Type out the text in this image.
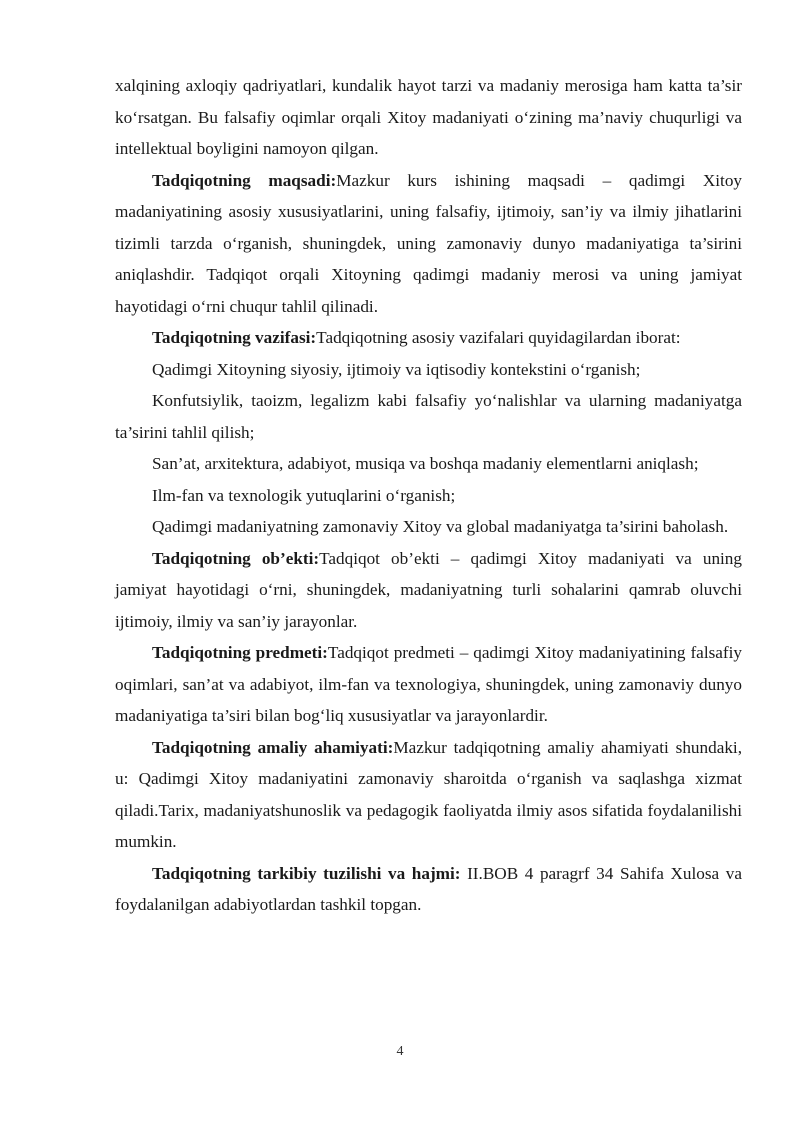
xalqining axloqiy qadriyatlari, kundalik hayot tarzi va madaniy merosiga ham katta ta’sir ko‘rsatgan. Bu falsafiy oqimlar orqali Xitoy madaniyati o‘zining ma’naviy chuqurligi va intellektual boyligini namoyon qilgan.

Tadqiqotning maqsadi:Mazkur kurs ishining maqsadi – qadimgi Xitoy madaniyatining asosiy xususiyatlarini, uning falsafiy, ijtimoiy, san’iy va ilmiy jihatlarini tizimli tarzda o‘rganish, shuningdek, uning zamonaviy dunyo madaniyatiga ta’sirini aniqlashdir. Tadqiqot orqali Xitoyning qadimgi madaniy merosi va uning jamiyat hayotidagi o‘rni chuqur tahlil qilinadi.

Tadqiqotning vazifasi:Tadqiqotning asosiy vazifalari quyidagilardan iborat:

Qadimgi Xitoyning siyosiy, ijtimoiy va iqtisodiy kontekstini o‘rganish;

Konfutsiylik, taoizm, legalizm kabi falsafiy yo‘nalishlar va ularning madaniyatga ta’sirini tahlil qilish;

San’at, arxitektura, adabiyot, musiqa va boshqa madaniy elementlarni aniqlash;

Ilm-fan va texnologik yutuqlarini o‘rganish;

Qadimgi madaniyatning zamonaviy Xitoy va global madaniyatga ta’sirini baholash.

Tadqiqotning ob’ekti:Tadqiqot ob’ekti – qadimgi Xitoy madaniyati va uning jamiyat hayotidagi o‘rni, shuningdek, madaniyatning turli sohalarini qamrab oluvchi ijtimoiy, ilmiy va san’iy jarayonlar.

Tadqiqotning predmeti:Tadqiqot predmeti – qadimgi Xitoy madaniyatining falsafiy oqimlari, san’at va adabiyot, ilm-fan va texnologiya, shuningdek, uning zamonaviy dunyo madaniyatiga ta’siri bilan bog‘liq xususiyatlar va jarayonlardir.

Tadqiqotning amaliy ahamiyati:Mazkur tadqiqotning amaliy ahamiyati shundaki, u: Qadimgi Xitoy madaniyatini zamonaviy sharoitda o‘rganish va saqlashga xizmat qiladi.Tarix, madaniyatshunoslik va pedagogik faoliyatda ilmiy asos sifatida foydalanilishi mumkin.

Tadqiqotning tarkibiy tuzilishi va hajmi: II.BOB 4 paragrf 34 Sahifa Xulosa va foydalanilgan adabiyotlardan tashkil topgan.

4
